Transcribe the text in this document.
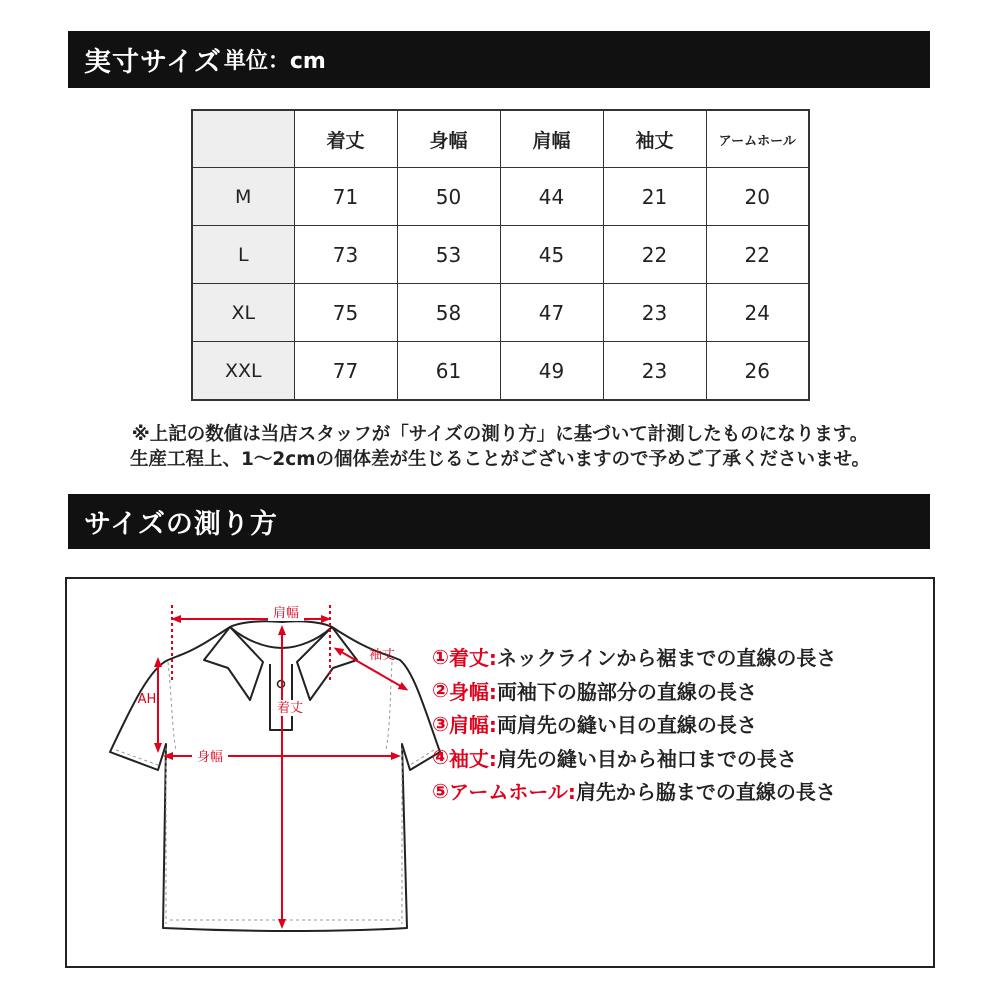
実寸サイズ 単位：cm
	着丈	身幅	肩幅	袖丈	アームホール
M	71	50	44	21	20
L	73	53	45	22	22
XL	75	58	47	23	24
XXL	77	61	49	23	26
※上記の数値は当店スタッフが「サイズの測り方」に基づいて計測したものになります。
生産工程上、1〜2cmの個体差が生じることがございますので予めご了承くださいませ。
サイズの測り方
肩幅
袖丈
AH
着丈
身幅
① 着丈: ネックラインから裾までの直線の長さ
② 身幅: 両袖下の脇部分の直線の長さ
③ 肩幅: 両肩先の縫い目の直線の長さ
④ 袖丈: 肩先の縫い目から袖口までの長さ
⑤ アームホール: 肩先から脇までの直線の長さ
